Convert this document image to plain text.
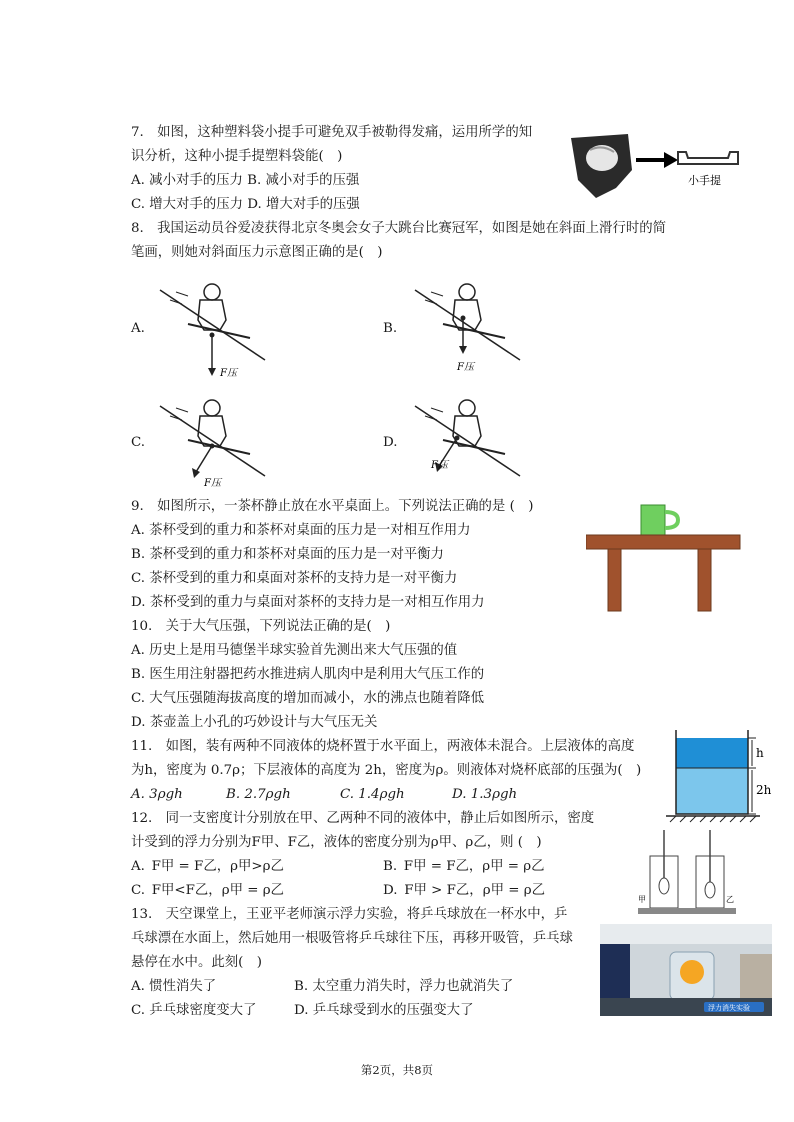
7.　如图，这种塑料袋小提手可避免双手被勒得发痛，运用所学的知
识分析，这种小提手提塑料袋能(　)
A. 减小对手的压力 B. 减小对手的压强
C. 增大对手的压力 D. 增大对手的压强
小手提
8.　我国运动员谷爱凌获得北京冬奥会女子大跳台比赛冠军，如图是她在斜面上滑行时的简
笔画，则她对斜面压力示意图正确的是(　)
A.
F压
B.
F压
C.
F压
D.
F压
9.　如图所示，一茶杯静止放在水平桌面上。下列说法正确的是 (　)
A. 茶杯受到的重力和茶杯对桌面的压力是一对相互作用力
B. 茶杯受到的重力和茶杯对桌面的压力是一对平衡力
C. 茶杯受到的重力和桌面对茶杯的支持力是一对平衡力
D. 茶杯受到的重力与桌面对茶杯的支持力是一对相互作用力
10.　关于大气压强，下列说法正确的是(　)
A. 历史上是用马德堡半球实验首先测出来大气压强的值
B. 医生用注射器把药水推进病人肌肉中是利用大气压工作的
C. 大气压强随海拔高度的增加而减小，水的沸点也随着降低
D. 茶壶盖上小孔的巧妙设计与大气压无关
11.　如图，装有两种不同液体的烧杯置于水平面上，两液体未混合。上层液体的高度
为h，密度为 0.7ρ；下层液体的高度为 2h，密度为ρ。则液体对烧杯底部的压强为(　)
A. 3ρgh	B. 2.7ρgh	C. 1.4ρgh	D. 1.3ρgh
h
2h
12.　同一支密度计分别放在甲、乙两种不同的液体中，静止后如图所示，密度
计受到的浮力分别为F甲、F乙，液体的密度分别为ρ甲、ρ乙，则 (　)
A. F甲 = F乙，ρ甲>ρ乙	B. F甲 = F乙，ρ甲 = ρ乙
C. F甲<F乙，ρ甲 = ρ乙	D. F甲 > F乙，ρ甲 = ρ乙
甲	乙
13.　天空课堂上，王亚平老师演示浮力实验，将乒乓球放在一杯水中，乒
乓球漂在水面上，然后她用一根吸管将乒乓球往下压，再移开吸管，乒乓球
悬停在水中。此刻(　)
A. 惯性消失了	B. 太空重力消失时，浮力也就消失了
C. 乒乓球密度变大了	D. 乒乓球受到水的压强变大了	浮力消失实验
第2页，共8页
